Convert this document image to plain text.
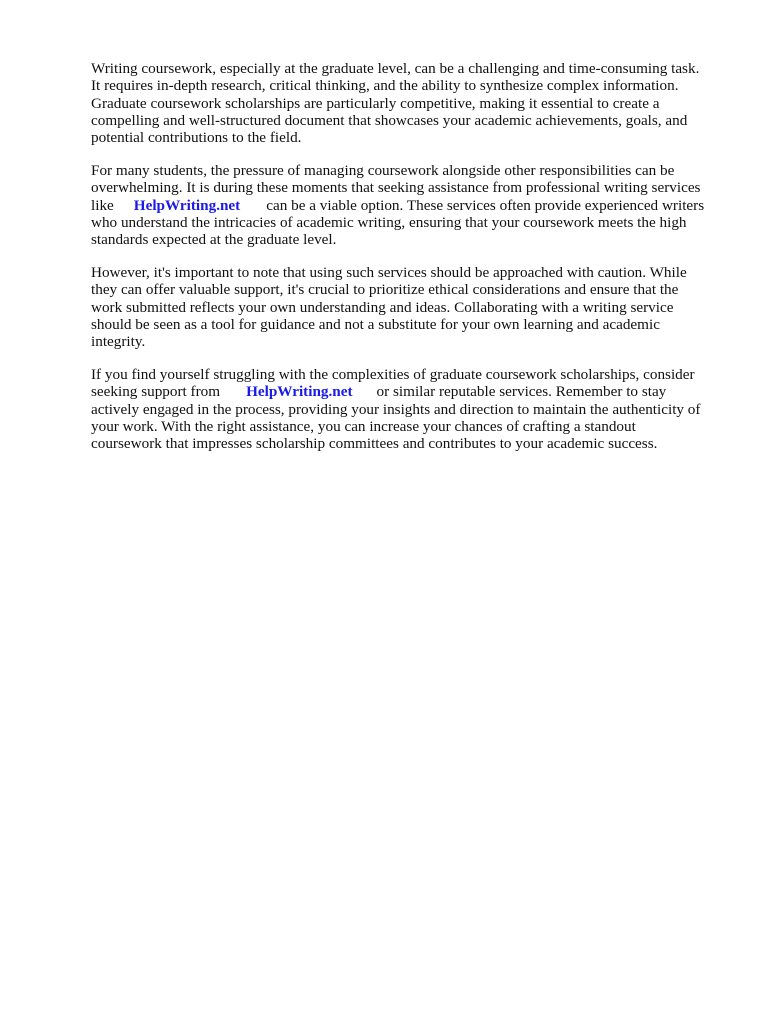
Writing coursework, especially at the graduate level, can be a challenging and time-consuming task.
It requires in-depth research, critical thinking, and the ability to synthesize complex information.
Graduate coursework scholarships are particularly competitive, making it essential to create a
compelling and well-structured document that showcases your academic achievements, goals, and
potential contributions to the field.
For many students, the pressure of managing coursework alongside other responsibilities can be
overwhelming. It is during these moments that seeking assistance from professional writing services
like HelpWriting.net can be a viable option. These services often provide experienced writers
who understand the intricacies of academic writing, ensuring that your coursework meets the high
standards expected at the graduate level.
However, it's important to note that using such services should be approached with caution. While
they can offer valuable support, it's crucial to prioritize ethical considerations and ensure that the
work submitted reflects your own understanding and ideas. Collaborating with a writing service
should be seen as a tool for guidance and not a substitute for your own learning and academic
integrity.
If you find yourself struggling with the complexities of graduate coursework scholarships, consider
seeking support from HelpWriting.net or similar reputable services. Remember to stay
actively engaged in the process, providing your insights and direction to maintain the authenticity of
your work. With the right assistance, you can increase your chances of crafting a standout
coursework that impresses scholarship committees and contributes to your academic success.
